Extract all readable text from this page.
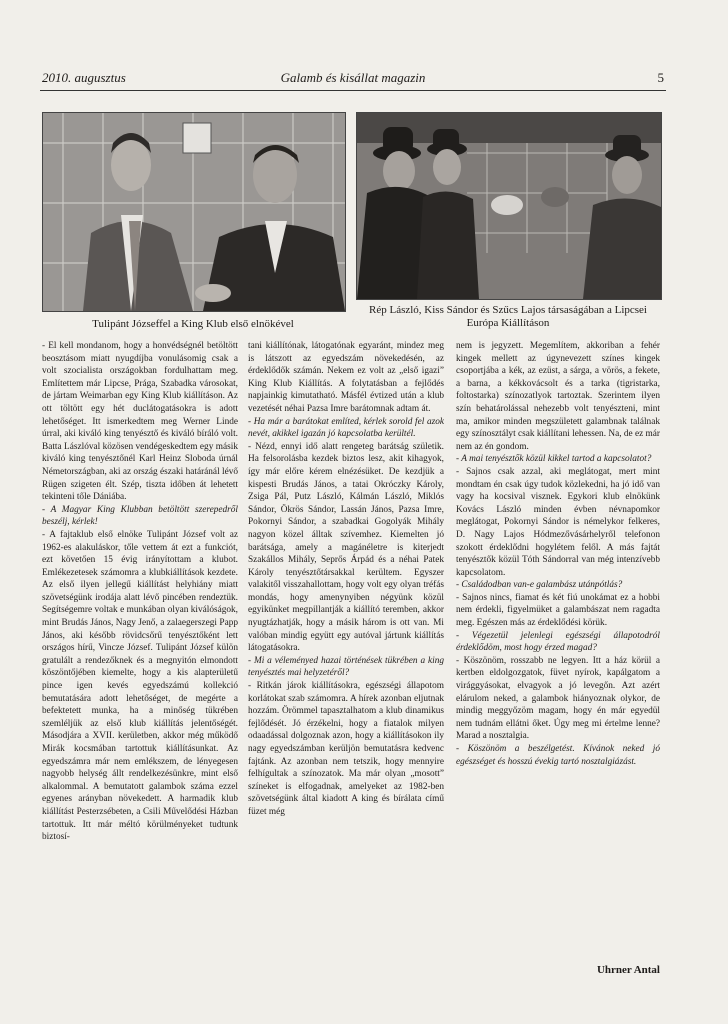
2010. augusztus	Galamb és kisállat magazin	5
Tulipánt Józseffel a King Klub első elnökével
Rép László, Kiss Sándor és Szűcs Lajos társaságában a Lipcsei Európa Kiállításon

- El kell mondanom, hogy a honvédségnél betöltött beosztásom miatt nyugdíjba vonulásomig csak a volt szocialista országokban fordulhattam meg. Említettem már Lipcse, Prága, Szabadka városokat, de jártam Weimarban egy King Klub kiállításon. Az ott töltött egy hét duclátogatásokra is adott lehetőséget. Itt ismerkedtem meg Werner Linde úrral, aki kiváló king tenyésztő és kiváló bíráló volt. Batta Lászlóval közösen vendégeskedtem egy másik kiváló king tenyésztőnél Karl Heinz Sloboda úrnál Németországban, aki az ország északi határánál lévő Rügen szigeten élt. Szép, tiszta időben át lehetett tekinteni tőle Dániába.

- A Magyar King Klubban betöltött szerepedről beszélj, kérlek!

- A fajtaklub első elnöke Tulipánt József volt az 1962-es alakuláskor, tőle vettem át ezt a funkciót, ezt követően 15 évig irányítottam a klubot. Emlékezetesek számomra a klubkiállítások kezdete. Az első ilyen jellegű kiállítást helyhiány miatt szövetségünk irodája alatt lévő pincében rendeztük. Segítségemre voltak e munkában olyan kiválóságok, mint Brudás János, Nagy Jenő, a zalaegerszegi Papp János, aki később rövidcsőrű tenyésztőként lett országos hírű, Vincze József. Tulipánt József külön gratulált a rendezőknek és a megnyitón elmondott köszöntőjében kiemelte, hogy a kis alapterületű pince igen kevés egyedszámú kollekció bemutatására adott lehetőséget, de megérte a befektetett munka, ha a minőség tükrében szemléljük az első klub kiállítás jelentőségét. Másodjára a XVII. kerületben, akkor még működő Mirák kocsmában tartottuk kiállításunkat. Az egyedszámra már nem emlékszem, de lényegesen nagyobb helység állt rendelkezésünkre, mint első alkalommal. A bemutatott galambok száma ezzel egyenes arányban növekedett. A harmadik klub kiállítást Pesterzsébeten, a Csili Művelődési Házban tartottuk. Itt már méltó körülményeket tudtunk biztosí-

tani kiállítónak, látogatónak egyaránt, mindez meg is látszott az egyedszám növekedésén, az érdeklődők számán. Nekem ez volt az „első igazi” King Klub Kiállítás. A folytatásban a fejlődés napjainkig kimutatható. Másfél évtized után a klub vezetését néhai Pazsa Imre barátomnak adtam át.

- Ha már a barátokat említed, kérlek sorold fel azok nevét, akikkel igazán jó kapcsolatba kerültél.

- Nézd, ennyi idő alatt rengeteg barátság születik. Ha felsorolásba kezdek biztos lesz, akit kihagyok, így már előre kérem elnézésüket. De kezdjük a kispesti Brudás János, a tatai Okróczky Károly, Zsiga Pál, Putz László, Kálmán László, Miklós Sándor, Ökrös Sándor, Lassán János, Pazsa Imre, Pokornyi Sándor, a szabadkai Gogolyák Mihály nagyon közel álltak szívemhez. Kiemelten jó barátsága, amely a magánéletre is kiterjedt Szakállos Mihály, Seprős Árpád és a néhai Patek Károly tenyésztőtársakkal kerültem. Egyszer valakitől visszahallottam, hogy volt egy olyan tréfás mondás, hogy amenynyiben négyünk közül egyikünket megpillantják a kiállító teremben, akkor nyugtázhatják, hogy a másik három is ott van. Mi valóban mindig együtt egy autóval jártunk kiállítás látogatásokra.

- Mi a véleményed hazai történések tükrében a king tenyésztés mai helyzetéről?

- Ritkán járok kiállításokra, egészségi állapotom korlátokat szab számomra. A hírek azonban eljutnak hozzám. Örömmel tapasztalhatom a klub dinamikus fejlődését. Jó érzékelni, hogy a fiatalok milyen odaadással dolgoznak azon, hogy a kiállításokon ily nagy egyedszámban kerüljön bemutatásra kedvenc fajtánk. Az azonban nem tetszik, hogy mennyire felhígultak a színozatok. Ma már olyan „mosott” színeket is elfogadnak, amelyeket az 1982-ben szövetségünk által kiadott A king és bírálata című füzet még

nem is jegyzett. Megemlítem, akkoriban a fehér kingek mellett az úgynevezett színes kingek csoportjába a kék, az ezüst, a sárga, a vörös, a fekete, a barna, a kékkovácsolt és a tarka (tigristarka, foltostarka) színozatlyok tartoztak. Szerintem ilyen szín behatárolással nehezebb volt tenyészteni, mint ma, amikor minden megszületett galambnak találnak egy színosztályt csak kiállítani lehessen. Na, de ez már nem az én gondom.

- A mai tenyésztők közül kikkel tartod a kapcsolatot?

- Sajnos csak azzal, aki meglátogat, mert mint mondtam én csak úgy tudok közlekedni, ha jó idő van vagy ha kocsival visznek. Egykori klub elnökünk Kovács László minden évben névnapomkor meglátogat, Pokornyi Sándor is némelykor felkeres, D. Nagy Lajos Hódmezővásárhelyről telefonon szokott érdeklődni hogylétem felől. A más fajtát tenyésztők közül Tóth Sándorral van még intenzívebb kapcsolatom.

- Családodban van-e galambász utánpótlás?

- Sajnos nincs, fiamat és két fiú unokámat ez a hobbi nem érdekli, figyelmüket a galambászat nem ragadta meg. Egészen más az érdeklődési körük.

- Végezetül jelenlegi egészségi állapotodról érdeklődöm, most hogy érzed magad?

- Köszönöm, rosszabb ne legyen. Itt a ház körül a kertben eldolgozgatok, füvet nyírok, kapálgatom a virággyásokat, elvagyok a jó levegőn. Azt azért elárulom neked, a galambok hiányoznak olykor, de mindig meggyőzöm magam, hogy én már egyedül nem tudnám ellátni őket. Úgy meg mi értelme lenne? Marad a nosztalgia.

- Köszönöm a beszélgetést. Kívánok neked jó egészséget és hosszú évekig tartó nosztalgiázást.

Uhrner Antal
